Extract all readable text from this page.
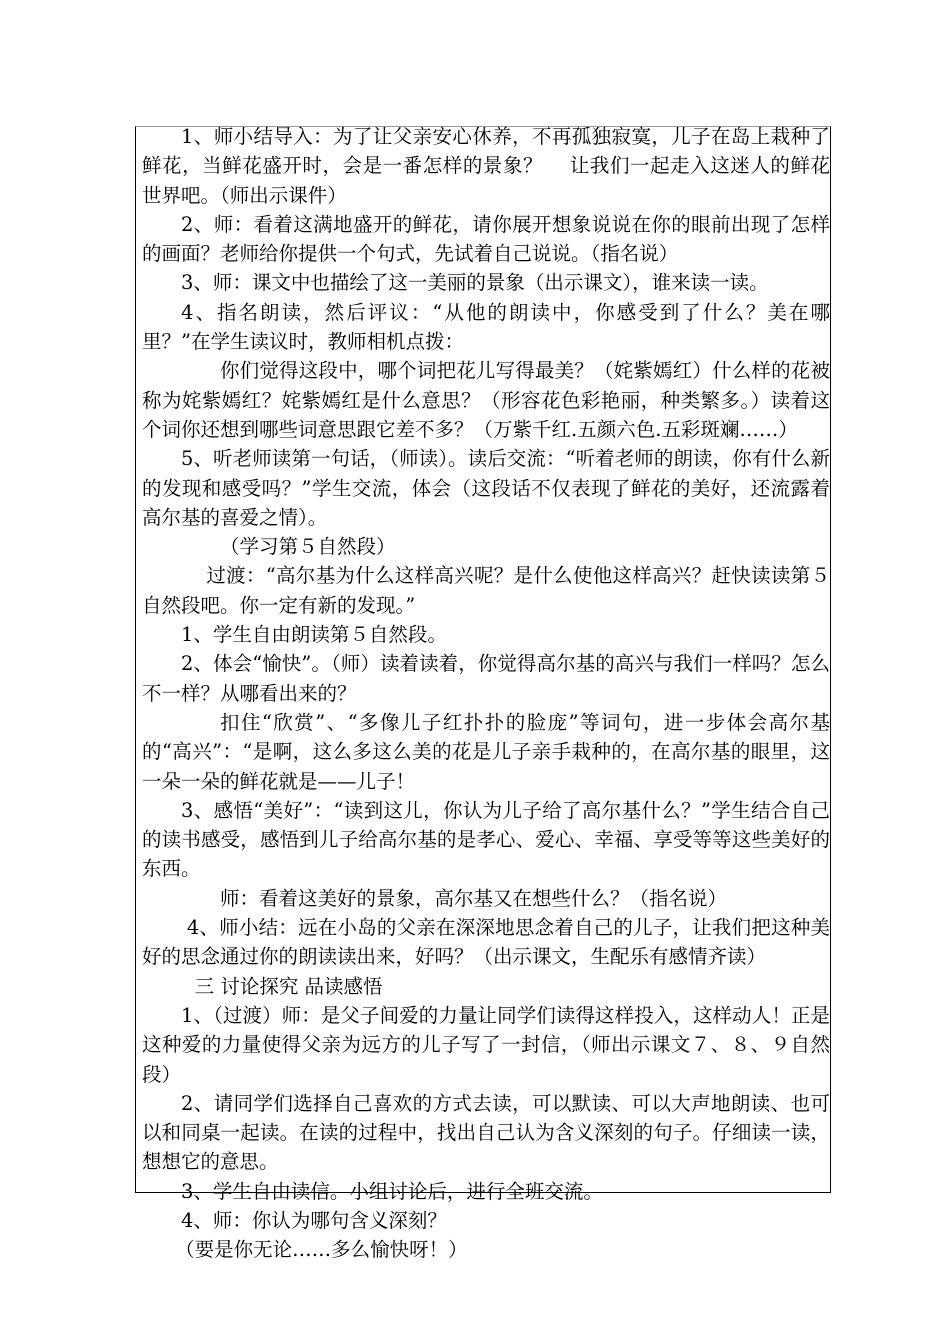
1、师小结导入：为了让父亲安心休养，不再孤独寂寞，儿子在岛上栽种了鲜花，当鲜花盛开时，会是一番怎样的景象？　 让我们一起走入这迷人的鲜花世界吧。（师出示课件）

2、师：看着这满地盛开的鲜花，请你展开想象说说在你的眼前出现了怎样的画面？老师给你提供一个句式，先试着自己说说。（指名说）

3、师：课文中也描绘了这一美丽的景象（出示课文），谁来读一读。

4、指名朗读，然后评议：“从他的朗读中，你感受到了什么？美在哪里？”在学生读议时，教师相机点拨：

你们觉得这段中，哪个词把花儿写得最美？（姹紫嫣红）什么样的花被称为姹紫嫣红？姹紫嫣红是什么意思？（形容花色彩艳丽，种类繁多。）读着这个词你还想到哪些词意思跟它差不多？（万紫千红.五颜六色.五彩斑斓……）

5、听老师读第一句话，（师读）。读后交流：“听着老师的朗读，你有什么新的发现和感受吗？”学生交流，体会（这段话不仅表现了鲜花的美好，还流露着高尔基的喜爱之情）。

（学习第５自然段）

过渡：“高尔基为什么这样高兴呢？是什么使他这样高兴？赶快读读第５自然段吧。你一定有新的发现。”

1、学生自由朗读第５自然段。

2、体会“愉快”。（师）读着读着，你觉得高尔基的高兴与我们一样吗？怎么不一样？从哪看出来的？

扣住“欣赏”、“多像儿子红扑扑的脸庞”等词句，进一步体会高尔基的“高兴”：“是啊，这么多这么美的花是儿子亲手栽种的，在高尔基的眼里，这一朵一朵的鲜花就是——儿子！

3、感悟“美好”：“读到这儿，你认为儿子给了高尔基什么？”学生结合自己的读书感受，感悟到儿子给高尔基的是孝心、爱心、幸福、享受等等这些美好的东西。

师：看着这美好的景象，高尔基又在想些什么？（指名说）

4、师小结：远在小岛的父亲在深深地思念着自己的儿子，让我们把这种美好的思念通过你的朗读读出来，好吗？（出示课文，生配乐有感情齐读）

三 讨论探究 品读感悟

1、（过渡）师：是父子间爱的力量让同学们读得这样投入，这样动人！正是这种爱的力量使得父亲为远方的儿子写了一封信，（师出示课文７、８、９自然段）

2、请同学们选择自己喜欢的方式去读，可以默读、可以大声地朗读、也可以和同桌一起读。在读的过程中，找出自己认为含义深刻的句子。仔细读一读，想想它的意思。

3、学生自由读信。小组讨论后，进行全班交流。

4、师：你认为哪句含义深刻？

（要是你无论……多么愉快呀！）
